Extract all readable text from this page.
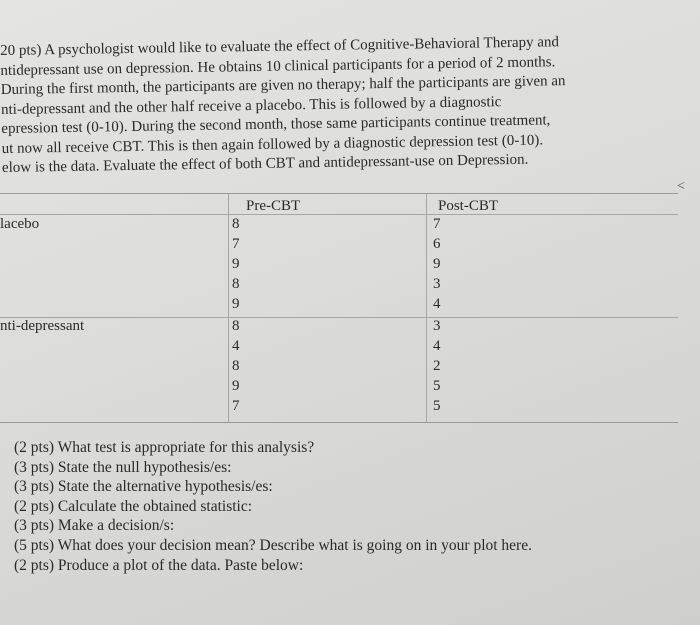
20 pts) A psychologist would like to evaluate the effect of Cognitive-Behavioral Therapy and
ntidepressant use on depression. He obtains 10 clinical participants for a period of 2 months.
During the first month, the participants are given no therapy; half the participants are given an
nti-depressant and the other half receive a placebo. This is followed by a diagnostic
epression test (0-10). During the second month, those same participants continue treatment,
ut now all receive CBT. This is then again followed by a diagnostic depression test (0-10).
elow is the data. Evaluate the effect of both CBT and antidepressant-use on Depression.
<
Pre-CBT	Post-CBT
lacebo
nti-depressant
8
7
9
8
9
7
6
9
3
4
8
4
8
9
7
3
4
2
5
5
(2 pts) What test is appropriate for this analysis?
(3 pts) State the null hypothesis/es:
(3 pts) State the alternative hypothesis/es:
(2 pts) Calculate the obtained statistic:
(3 pts) Make a decision/s:
(5 pts) What does your decision mean? Describe what is going on in your plot here.
(2 pts) Produce a plot of the data. Paste below:
